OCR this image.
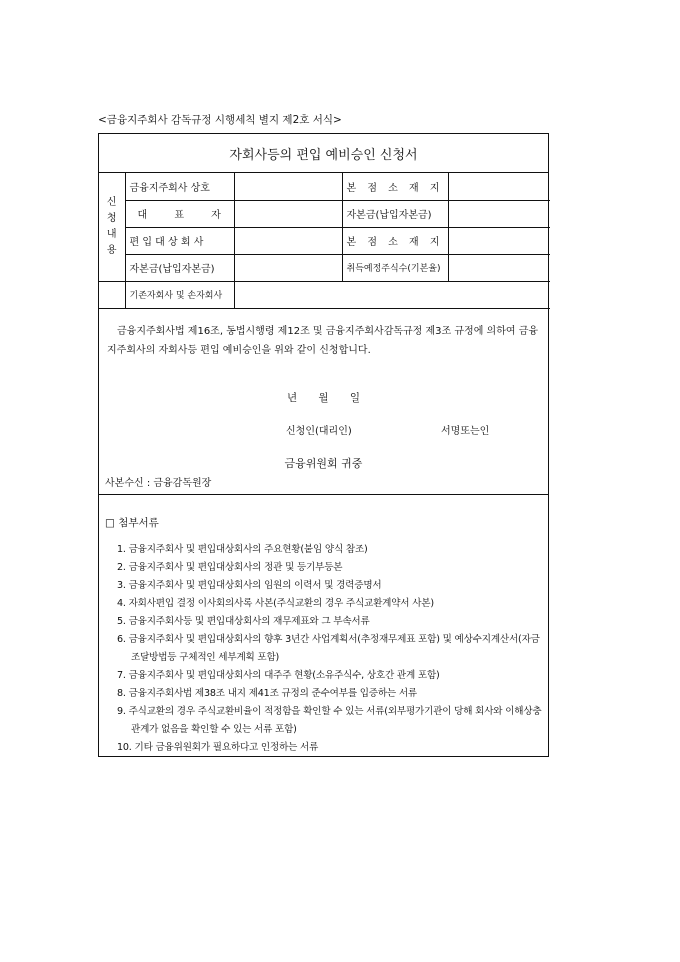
<금융지주회사 감독규정 시행세칙 별지 제2호 서식>
자회사등의 편입 예비승인 신청서
신
청
내
용	금융지주회사 상호		본 점 소 재 지	
	대 표 자		자본금(납입자본금)	
	편 입 대 상 회 사		본 점 소 재 지	
	자본금(납입자본금)		취득예정주식수(기본율)	
	기존자회사 및 손자회사			
금융지주회사법 제16조, 동법시행령 제12조 및 금융지주회사감독규정 제3조 규정에 의하여 금융지주회사의 자회사등 편입 예비승인을 위와 같이 신청합니다.
년 월 일
신청인(대리인)	서명또는인
금융위원회 귀중
사본수신 : 금융감독원장
□ 첨부서류
1. 금융지주회사 및 편입대상회사의 주요현황(붙임 양식 참조)
2. 금융지주회사 및 편입대상회사의 정관 및 등기부등본
3. 금융지주회사 및 편입대상회사의 임원의 이력서 및 경력증명서
4. 자회사편입 결정 이사회의사록 사본(주식교환의 경우 주식교환계약서 사본)
5. 금융지주회사등 및 편입대상회사의 재무제표와 그 부속서류
6. 금융지주회사 및 편입대상회사의 향후 3년간 사업계획서(추정재무제표 포함) 및 예상수지계산서(자금조달방법등 구체적인 세부계획 포함)
7. 금융지주회사 및 편입대상회사의 대주주 현황(소유주식수, 상호간 관계 포함)
8. 금융지주회사법 제38조 내지 제41조 규정의 준수여부를 입증하는 서류
9. 주식교환의 경우 주식교환비율이 적정함을 확인할 수 있는 서류(외부평가기관이 당해 회사와 이해상충관계가 없음을 확인할 수 있는 서류 포함)
10. 기타 금융위원회가 필요하다고 인정하는 서류
